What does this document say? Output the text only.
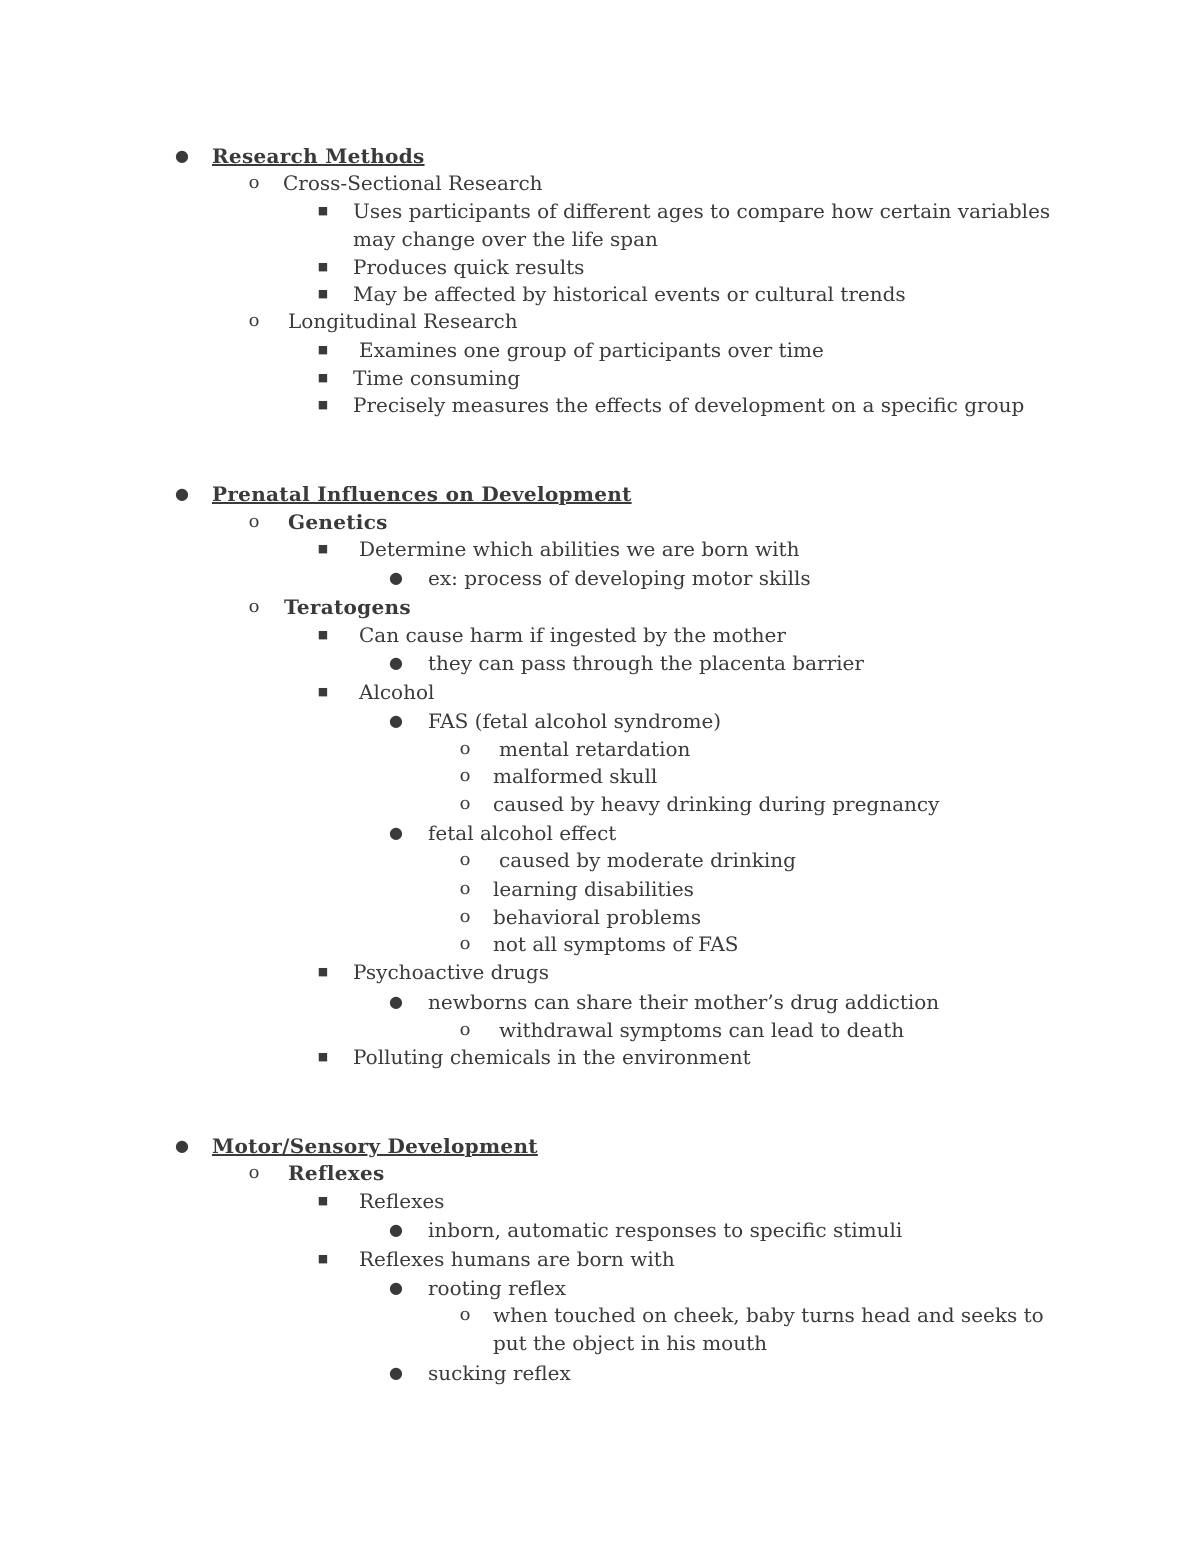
● Research Methods
o Cross-Sectional Research
■ Uses participants of different ages to compare how certain variables
may change over the life span
■ Produces quick results
■ May be affected by historical events or cultural trends
o Longitudinal Research
■ Examines one group of participants over time
■ Time consuming
■ Precisely measures the effects of development on a specific group
● Prenatal Influences on Development
o Genetics
■ Determine which abilities we are born with
● ex: process of developing motor skills
o Teratogens
■ Can cause harm if ingested by the mother
● they can pass through the placenta barrier
■ Alcohol
● FAS (fetal alcohol syndrome)
o mental retardation
o malformed skull
o caused by heavy drinking during pregnancy
● fetal alcohol effect
o caused by moderate drinking
o learning disabilities
o behavioral problems
o not all symptoms of FAS
■ Psychoactive drugs
● newborns can share their mother’s drug addiction
o withdrawal symptoms can lead to death
■ Polluting chemicals in the environment
● Motor/Sensory Development
o Reflexes
■ Reflexes
● inborn, automatic responses to specific stimuli
■ Reflexes humans are born with
● rooting reflex
o when touched on cheek, baby turns head and seeks to
put the object in his mouth
● sucking reflex
